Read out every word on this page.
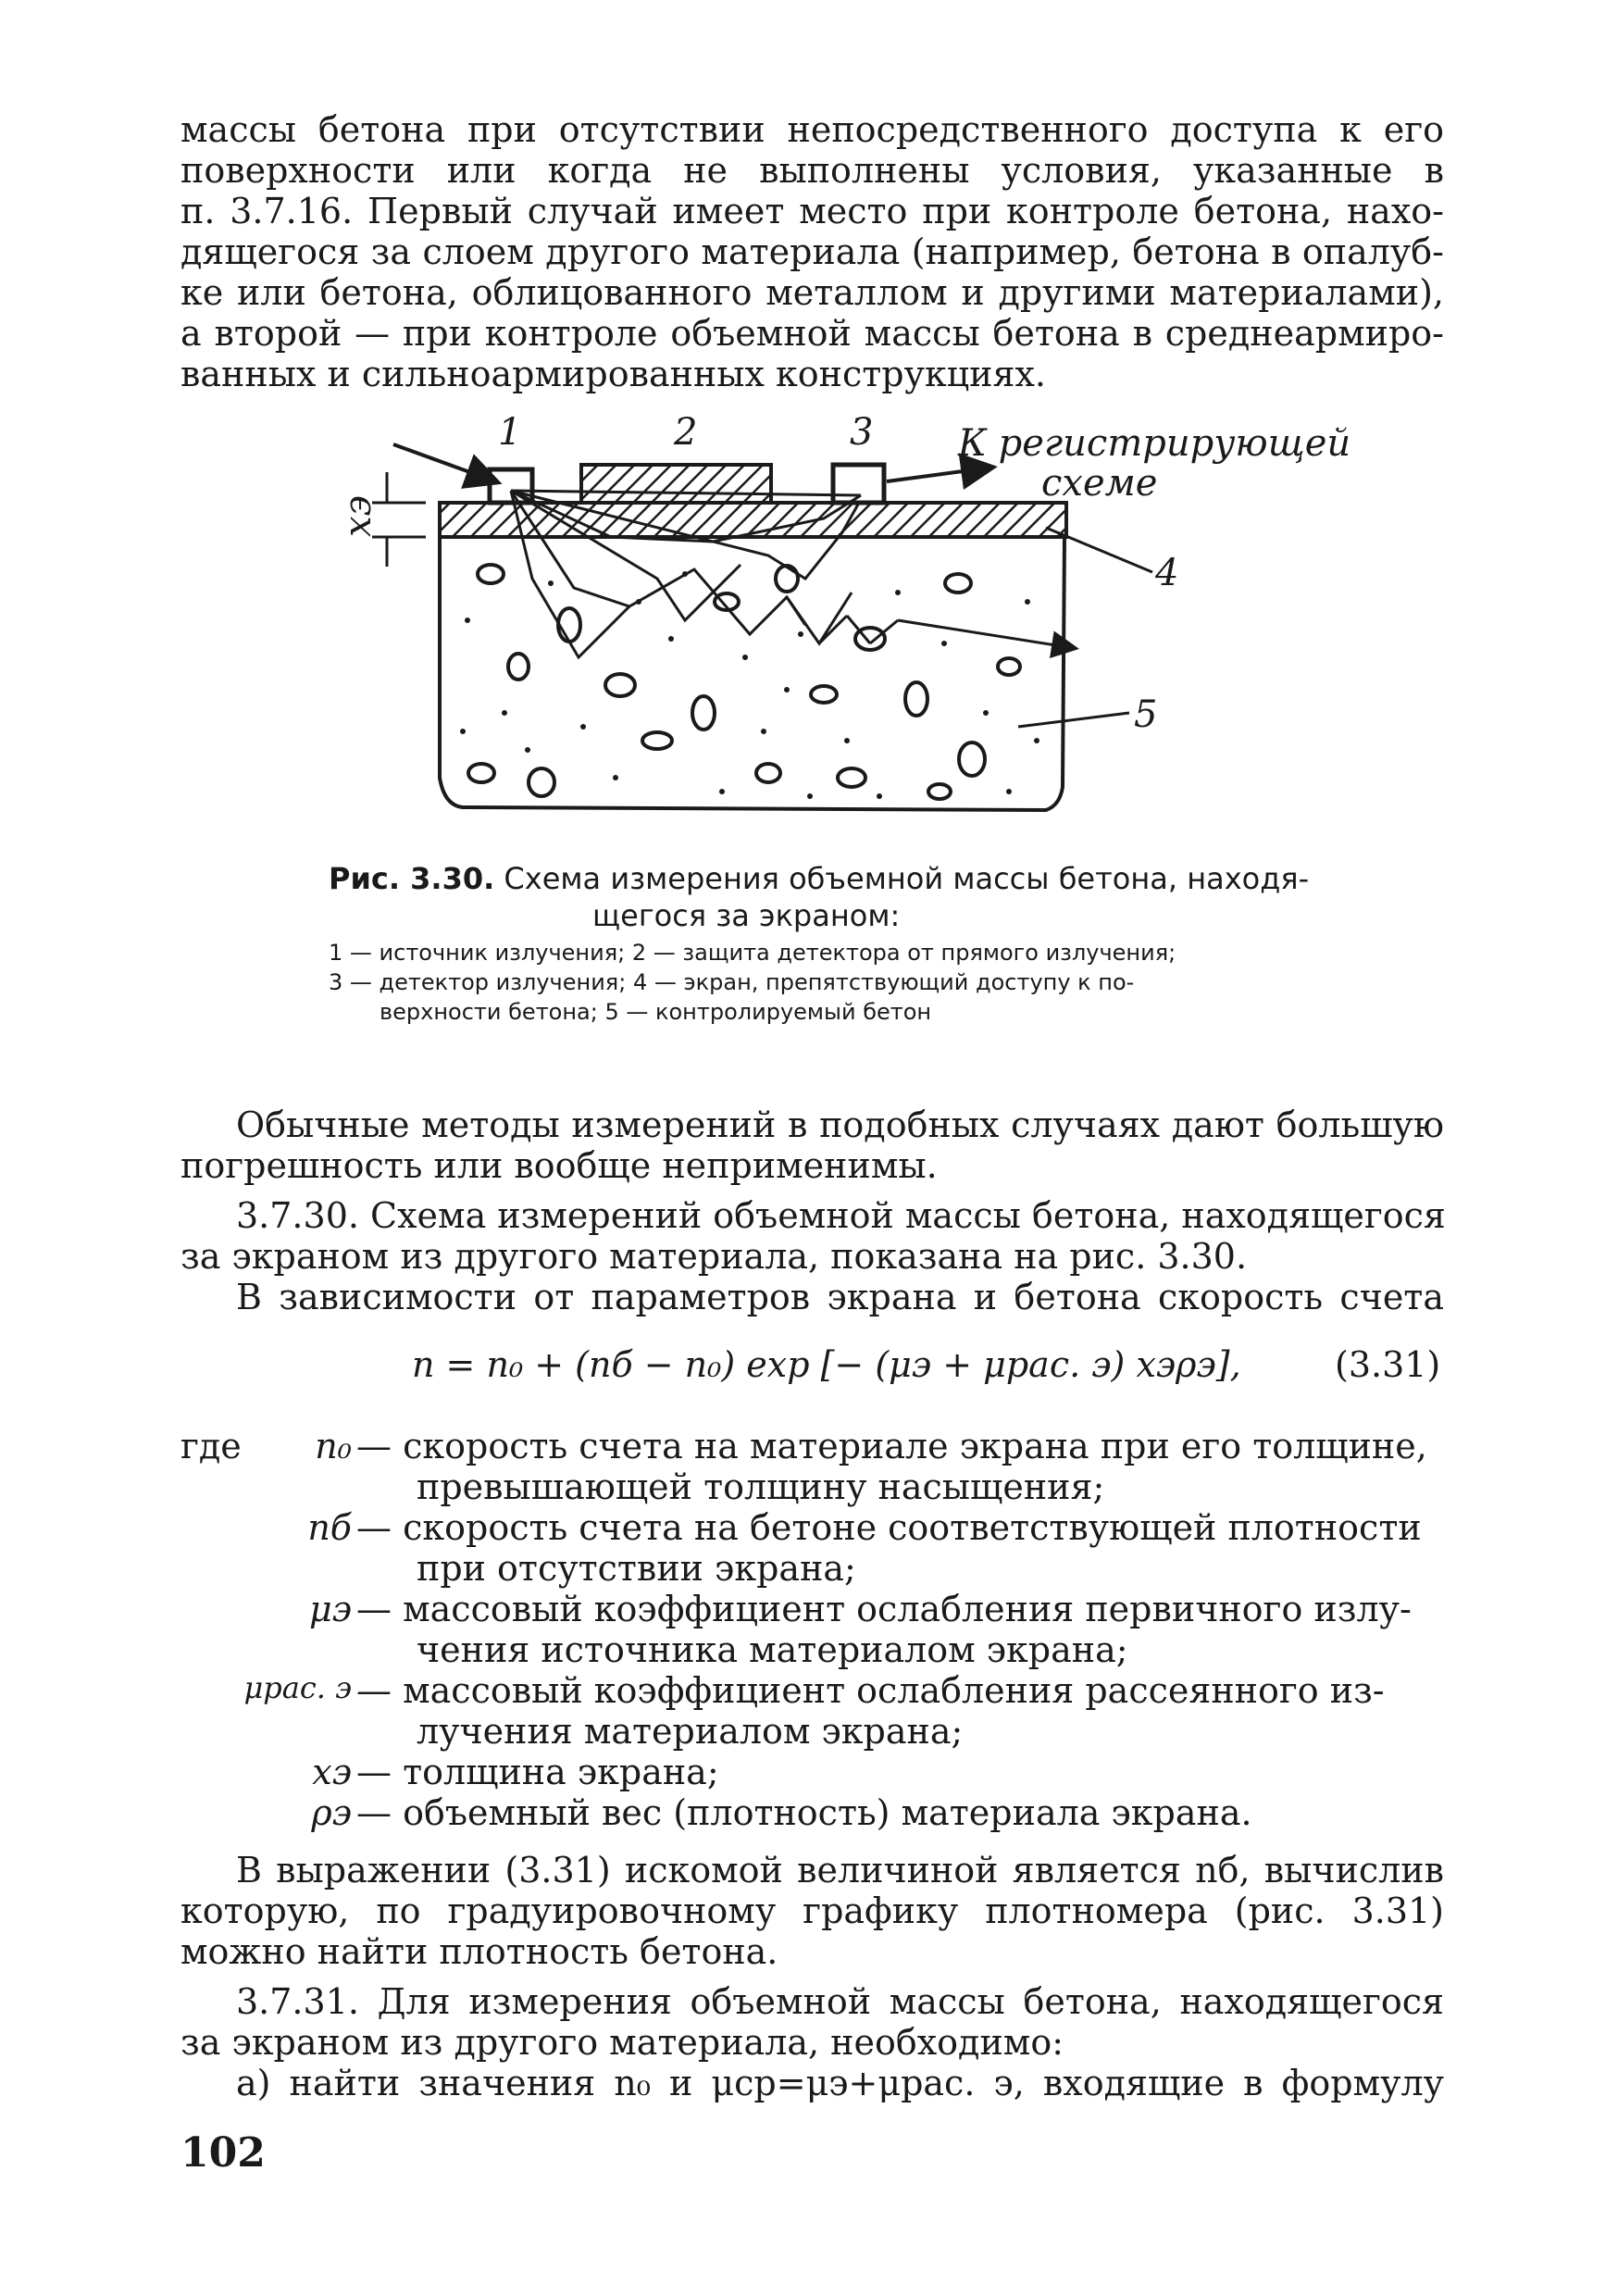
массы бетона при отсутствии непосредственного доступа к его
поверхности или когда не выполнены условия, указанные в
п. 3.7.16. Первый случай имеет место при контроле бетона, нахо-
дящегося за слоем другого материала (например, бетона в опалуб-
ке или бетона, облицованного металлом и другими материалами),
а второй — при контроле объемной массы бетона в среднеармиро-
ванных и сильноармированных конструкциях.
xэ
1	2	3
4
5
К регистрирующей
схеме
Рис. 3.30. Схема измерения объемной массы бетона, находя-
щегося за экраном:
1 — источник излучения; 2 — защита детектора от прямого излучения;
3 — детектор излучения; 4 — экран, препятствующий доступу к по-
верхности бетона; 5 — контролируемый бетон
Обычные методы измерений в подобных случаях дают большую
погрешность или вообще неприменимы.
3.7.30. Схема измерений объемной массы бетона, находящегося
за экраном из другого материала, показана на рис. 3.30.
В зависимости от параметров экрана и бетона скорость счета
n = n₀ + (nб − n₀) exp [− (μэ + μрас. э) xэρэ],	(3.31)
где	n₀ — скорость счета на материале экрана при его толщине,
превышающей толщину насыщения;
nб — скорость счета на бетоне соответствующей плотности
при отсутствии экрана;
μэ — массовый коэффициент ослабления первичного излу-
чения источника материалом экрана;
μрас. э — массовый коэффициент ослабления рассеянного из-
лучения материалом экрана;
xэ — толщина экрана;
ρэ — объемный вес (плотность) материала экрана.
В выражении (3.31) искомой величиной является nб, вычислив
которую, по градуировочному графику плотномера (рис. 3.31)
можно найти плотность бетона.
3.7.31. Для измерения объемной массы бетона, находящегося
за экраном из другого материала, необходимо:
а) найти значения n₀ и μср=μэ+μрас. э, входящие в формулу
102
